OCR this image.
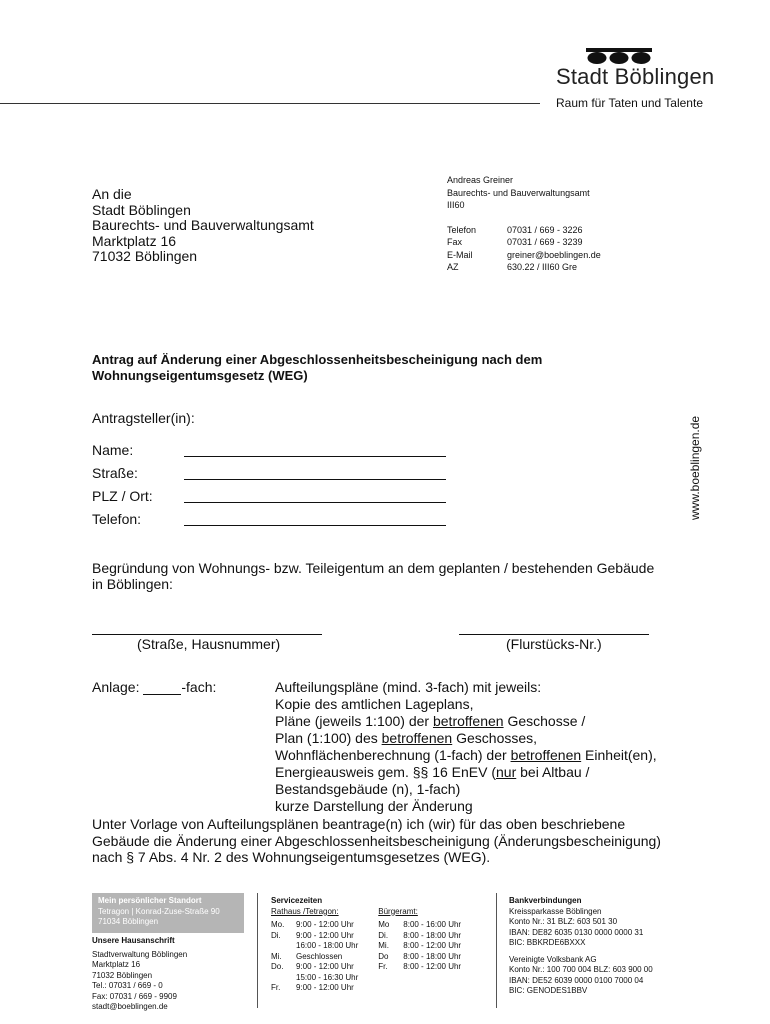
Stadt Böblingen
Raum für Taten und Talente
An die
Stadt Böblingen
Baurechts- und Bauverwaltungsamt
Marktplatz 16
71032 Böblingen
Andreas Greiner
Baurechts- und Bauverwaltungsamt
III60
Telefon	07031 / 669 - 3226
Fax	07031 / 669 - 3239
E-Mail	greiner@boeblingen.de
AZ	630.22 / III60 Gre
Antrag auf Änderung einer Abgeschlossenheitsbescheinigung nach dem
Wohnungseigentumsgesetz (WEG)
Antragsteller(in):
Name:
Straße:
PLZ / Ort:
Telefon:	www.boeblingen.de
Begründung von Wohnungs- bzw. Teileigentum an dem geplanten / bestehenden Gebäude
in Böblingen:
(Straße, Hausnummer)	(Flurstücks-Nr.)
Anlage:	-fach:	Aufteilungspläne (mind. 3-fach) mit jeweils:
Kopie des amtlichen Lageplans,
Pläne (jeweils 1:100) der betroffenen Geschosse /
Plan (1:100) des betroffenen Geschosses,
Wohnflächenberechnung (1-fach) der betroffenen Einheit(en),
Energieausweis gem. §§ 16 EnEV (nur bei Altbau /
Bestandsgebäude (n), 1-fach)
kurze Darstellung der Änderung
Unter Vorlage von Aufteilungsplänen beantrage(n) ich (wir) für das oben beschriebene
Gebäude die Änderung einer Abgeschlossenheitsbescheinigung (Änderungsbescheinigung)
nach § 7 Abs. 4 Nr. 2 des Wohnungseigentumsgesetzes (WEG).
Mein persönlicher Standort
Tetragon | Konrad-Zuse-Straße 90
71034 Böblingen
Unsere Hausanschrift
Stadtverwaltung Böblingen
Marktplatz 16
71032 Böblingen
Tel.: 07031 / 669 - 0
Fax: 07031 / 669 - 9909
stadt@boeblingen.de
Servicezeiten
Rathaus /Tetragon:
Mo.	9:00 - 12:00 Uhr
Di.	9:00 - 12:00 Uhr
16:00 - 18:00 Uhr
Mi.	Geschlossen
Do.	9:00 - 12:00 Uhr
15:00 - 16:30 Uhr
Fr.	9:00 - 12:00 Uhr
Bürgeramt:
Mo	8:00 - 16:00 Uhr
Di.	8:00 - 18:00 Uhr
Mi.	8:00 - 12:00 Uhr
Do	8:00 - 18:00 Uhr
Fr.	8:00 - 12:00 Uhr
Bankverbindungen
Kreissparkasse Böblingen
Konto Nr.: 31 BLZ: 603 501 30
IBAN: DE82 6035 0130 0000 0000 31
BIC: BBKRDE6BXXX
Vereinigte Volksbank AG
Konto Nr.: 100 700 004 BLZ: 603 900 00
IBAN: DE52 6039 0000 0100 7000 04
BIC: GENODES1BBV
